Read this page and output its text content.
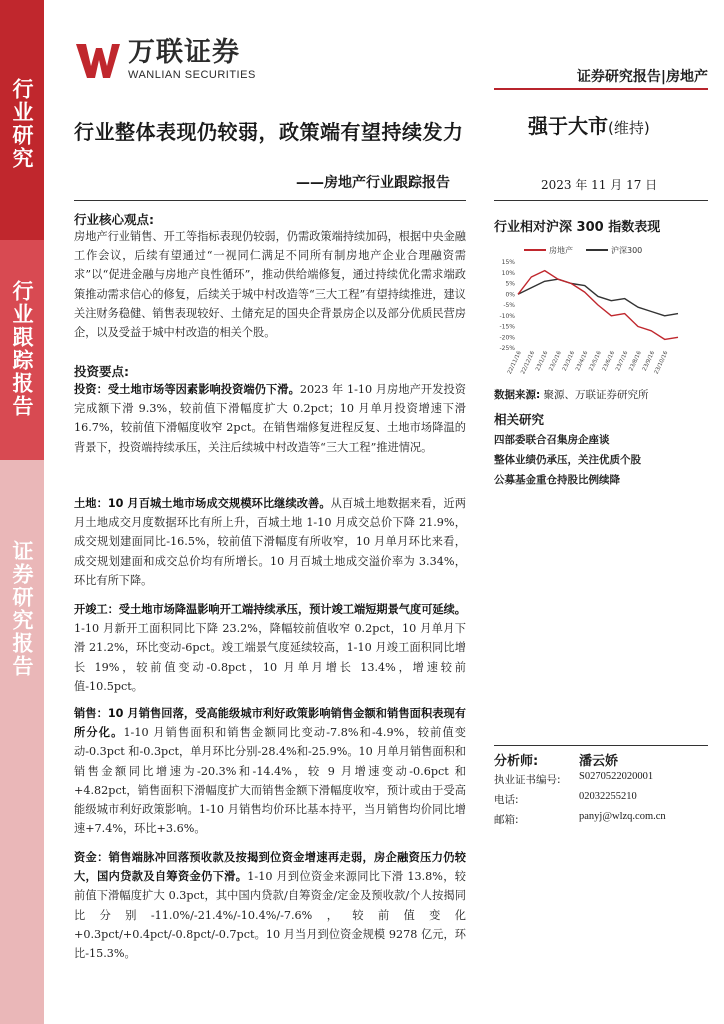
行业研究
行业跟踪报告
证券研究报告
万联证券
WANLIAN SECURITIES	证券研究报告|房地产
行业整体表现仍较弱，政策端有望持续发力
——房地产行业跟踪报告
强于大市(维持)
2023 年 11 月 17 日
行业核心观点:
房地产行业销售、开工等指标表现仍较弱，仍需政策端持续加码，根据中央金融工作会议，后续有望通过“一视同仁满足不同所有制房地产企业合理融资需求”以“促进金融与房地产良性循环”，推动供给端修复，通过持续优化需求端政策推动需求信心的修复，后续关于城中村改造等“三大工程”有望持续推进，建议关注财务稳健、销售表现较好、土储充足的国央企背景房企以及部分优质民营房企，以及受益于城中村改造的相关个股。
投资要点:
投资：受土地市场等因素影响投资端仍下滑。2023 年 1-10 月房地产开发投资完成额下滑 9.3%，较前值下滑幅度扩大 0.2pct；10 月单月投资增速下滑 16.7%，较前值下滑幅度收窄 2pct。在销售端修复进程反复、土地市场降温的背景下，投资端持续承压，关注后续城中村改造等“三大工程”推进情况。
土地：10 月百城土地市场成交规模环比继续改善。从百城土地数据来看，近两月土地成交月度数据环比有所上升，百城土地 1-10 月成交总价下降 21.9%，成交规划建面同比-16.5%，较前值下滑幅度有所收窄，10 月单月环比来看，成交规划建面和成交总价均有所增长。10 月百城土地成交溢价率为 3.34%，环比有所下降。
开竣工：受土地市场降温影响开工端持续承压，预计竣工端短期景气度可延续。1-10 月新开工面积同比下降 23.2%，降幅较前值收窄 0.2pct，10 月单月下滑 21.2%，环比变动-6pct。竣工端景气度延续较高，1-10 月竣工面积同比增长 19%，较前值变动-0.8pct，10 月单月增长 13.4%，增速较前值-10.5pct。
销售：10 月销售回落，受高能级城市利好政策影响销售金额和销售面积表现有所分化。1-10 月销售面积和销售金额同比变动-7.8%和-4.9%，较前值变动-0.3pct 和-0.3pct，单月环比分别-28.4%和-25.9%。10 月单月销售面积和销售金额同比增速为-20.3%和-14.4%，较 9 月增速变动-0.6pct 和+4.82pct，销售面积下滑幅度扩大而销售金额下滑幅度收窄，预计或由于受高能级城市利好政策影响。1-10 月销售均价环比基本持平，当月销售均价同比增速+7.4%，环比+3.6%。
资金：销售端脉冲回落预收款及按揭到位资金增速再走弱，房企融资压力仍较大，国内贷款及自筹资金仍下滑。1-10 月到位资金来源同比下滑 13.8%，较前值下滑幅度扩大 0.3pct，其中国内贷款/自筹资金/定金及预收款/个人按揭同比分别-11.0%/-21.4%/-10.4%/-7.6%，较前值变化+0.3pct/+0.4pct/-0.8pct/-0.7pct。10 月当月到位资金规模 9278 亿元，环比-15.3%。
行业相对沪深 300 指数表现
房地产	沪深300
15%
10%
5%
0%
-5%
-10%
-15%
-20%
-25%
22/11/16
22/12/16
23/1/16
23/2/16
23/3/16
23/4/16
23/5/16
23/6/16
23/7/16
23/8/16
23/9/16
23/10/16
数据来源: 聚源、万联证券研究所
相关研究
四部委联合召集房企座谈
整体业绩仍承压，关注优质个股
公募基金重仓持股比例续降
分析师:	潘云娇
执业证书编号: S0270522020001
电话:	02032255210
邮箱:	panyj@wlzq.com.cn
